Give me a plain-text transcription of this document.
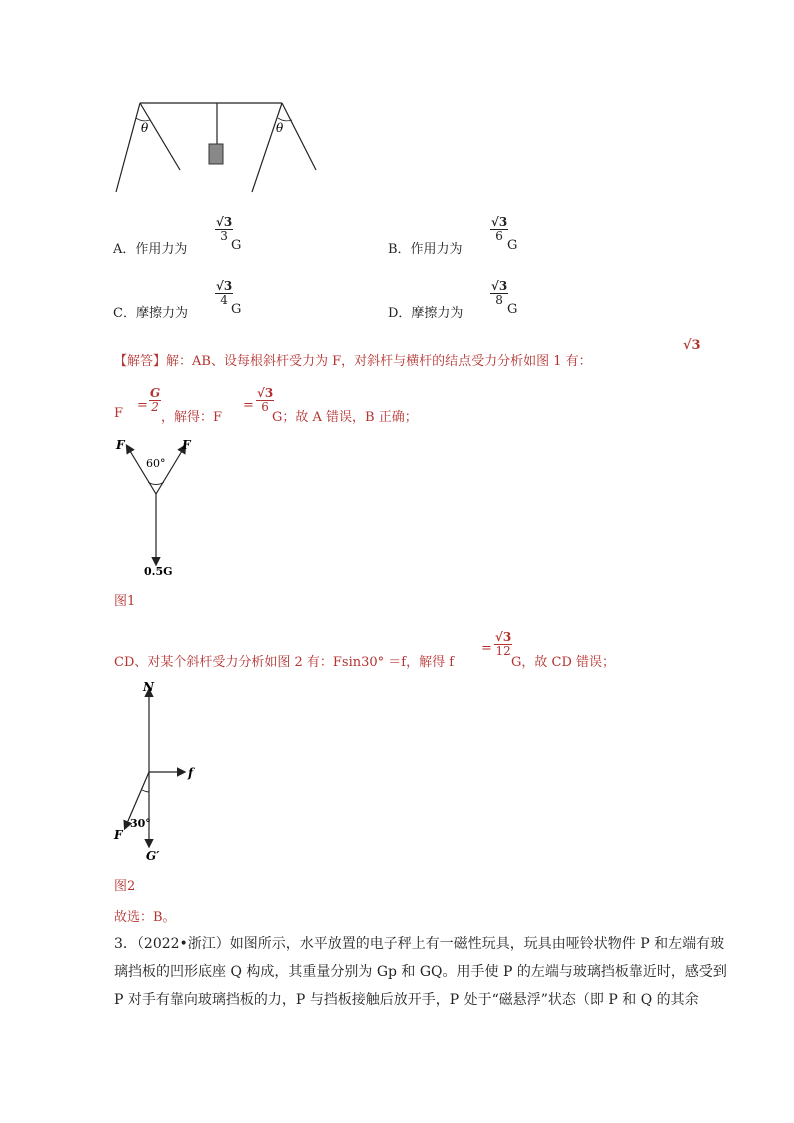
θ	θ
A．作用力为
$\frac{√3}{3}$
G	B．作用力为
$\frac{√3}{6}$
G
C．摩擦力为
$\frac{√3}{4}$
G	D．摩擦力为
$\frac{√3}{8}$
G
【解答】解：AB、设每根斜杆受力为 F，对斜杆与横杆的结点受力分析如图 1 有：
√3
F
= $\frac{G}{2}$
，解得：F
= $\frac{√3}{6}$
G；故 A 错误，B 正确；
F	F
60°
0.5G
图1
CD、对某个斜杆受力分析如图 2 有：Fsin30° ＝f，解得 f
= $\frac{√3}{12}$
G，故 CD 错误；
N
f
30°
F
G′
图2
故选：B。
3．（2022•浙江）如图所示，水平放置的电子秤上有一磁性玩具，玩具由哑铃状物件 P 和左端有玻
璃挡板的凹形底座 Q 构成，其重量分别为 Gp 和 GQ。用手使 P 的左端与玻璃挡板靠近时，感受到
P 对手有靠向玻璃挡板的力，P 与挡板接触后放开手，P 处于“磁悬浮”状态（即 P 和 Q 的其余
